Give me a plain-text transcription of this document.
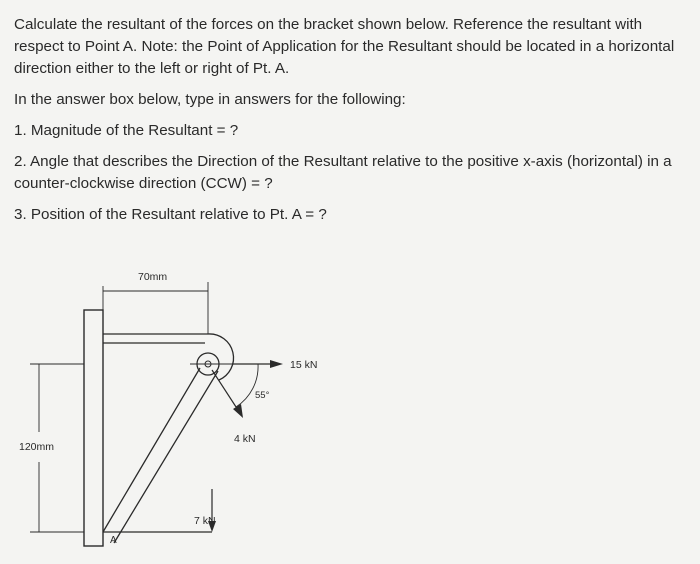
Calculate the resultant of the forces on the bracket shown below. Reference the resultant with respect to Point A. Note: the Point of Application for the Resultant should be located in a horizontal direction either to the left or right of Pt. A.

In the answer box below, type in answers for the following:

1. Magnitude of the Resultant = ?

2. Angle that describes the Direction of the Resultant relative to the positive x-axis (horizontal) in a counter-clockwise direction (CCW) = ?

3. Position of the Resultant relative to Pt. A = ?

A
70mm
120mm
15 kN
4 kN
55°
7 kN
